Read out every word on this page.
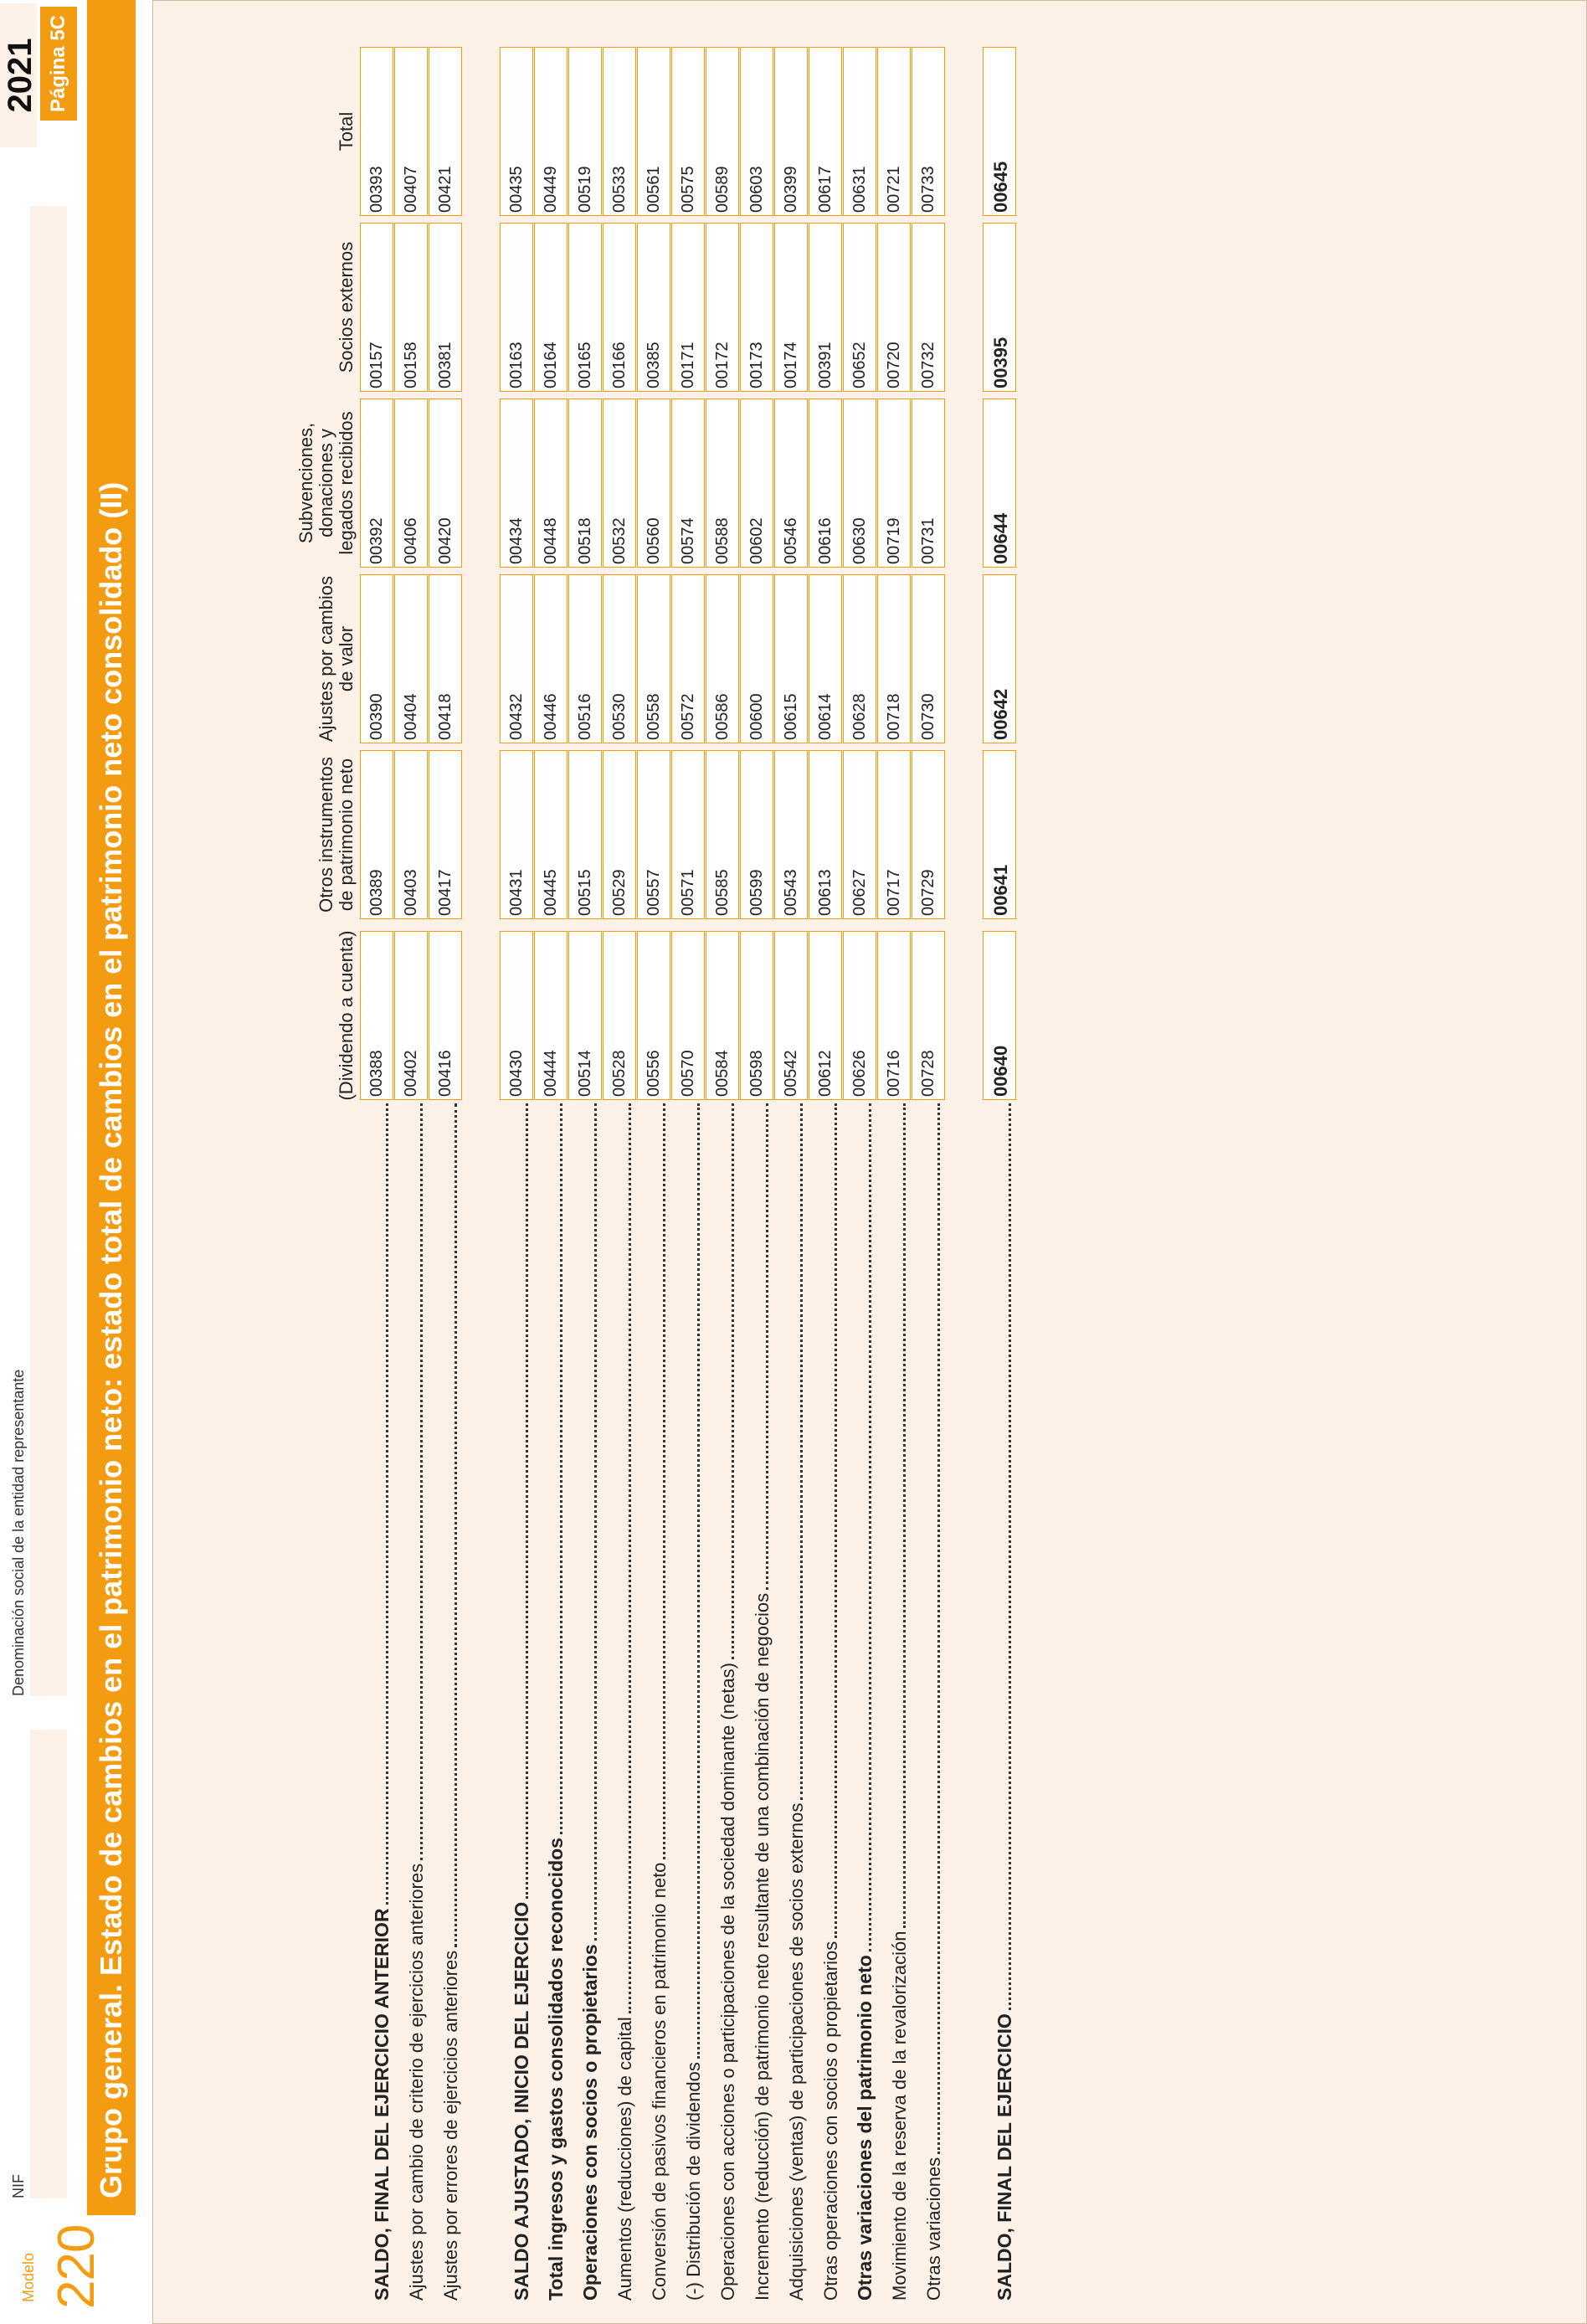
Modelo 220
NIF
Denominación social de la entidad representante
2021 Página 5C
Grupo general. Estado de cambios en el patrimonio neto: estado total de cambios en el patrimonio neto consolidado (II)	(Dividendo a cuenta)
Otros instrumentos de patrimonio neto
Ajustes por cambios de valor
Subvenciones, donaciones y legados recibidos
Socios externos
Total
SALDO, FINAL DEL EJERCICIO ANTERIOR
00388
00389
00390
00392
00157
00393
Ajustes por cambio de criterio de ejercicios anteriores
00402
00403
00404
00406
00158
00407
Ajustes por errores de ejercicios anteriores
00416
00417
00418
00420
00381
00421
SALDO AJUSTADO, INICIO DEL EJERCICIO
00430
00431
00432
00434
00163
00435
Total ingresos y gastos consolidados reconocidos
00444
00445
00446
00448
00164
00449
Operaciones con socios o propietarios
00514
00515
00516
00518
00165
00519
Aumentos (reducciones) de capital
00528
00529
00530
00532
00166
00533
Conversión de pasivos financieros en patrimonio neto
00556
00557
00558
00560
00385
00561
(-) Distribución de dividendos
00570
00571
00572
00574
00171
00575
Operaciones con acciones o participaciones de la sociedad dominante (netas)
00584
00585
00586
00588
00172
00589
Incremento (reducción) de patrimonio neto resultante de una combinación de negocios
00598
00599
00600
00602
00173
00603
Adquisiciones (ventas) de participaciones de socios externos
00542
00543
00615
00546
00174
00399
Otras operaciones con socios o propietarios
00612
00613
00614
00616
00391
00617
Otras variaciones del patrimonio neto
00626
00627
00628
00630
00652
00631
Movimiento de la reserva de la revalorización
00716
00717
00718
00719
00720
00721
Otras variaciones
00728
00729
00730
00731
00732
00733
SALDO, FINAL DEL EJERCICIO
00640
00641
00642
00644
00395
00645
